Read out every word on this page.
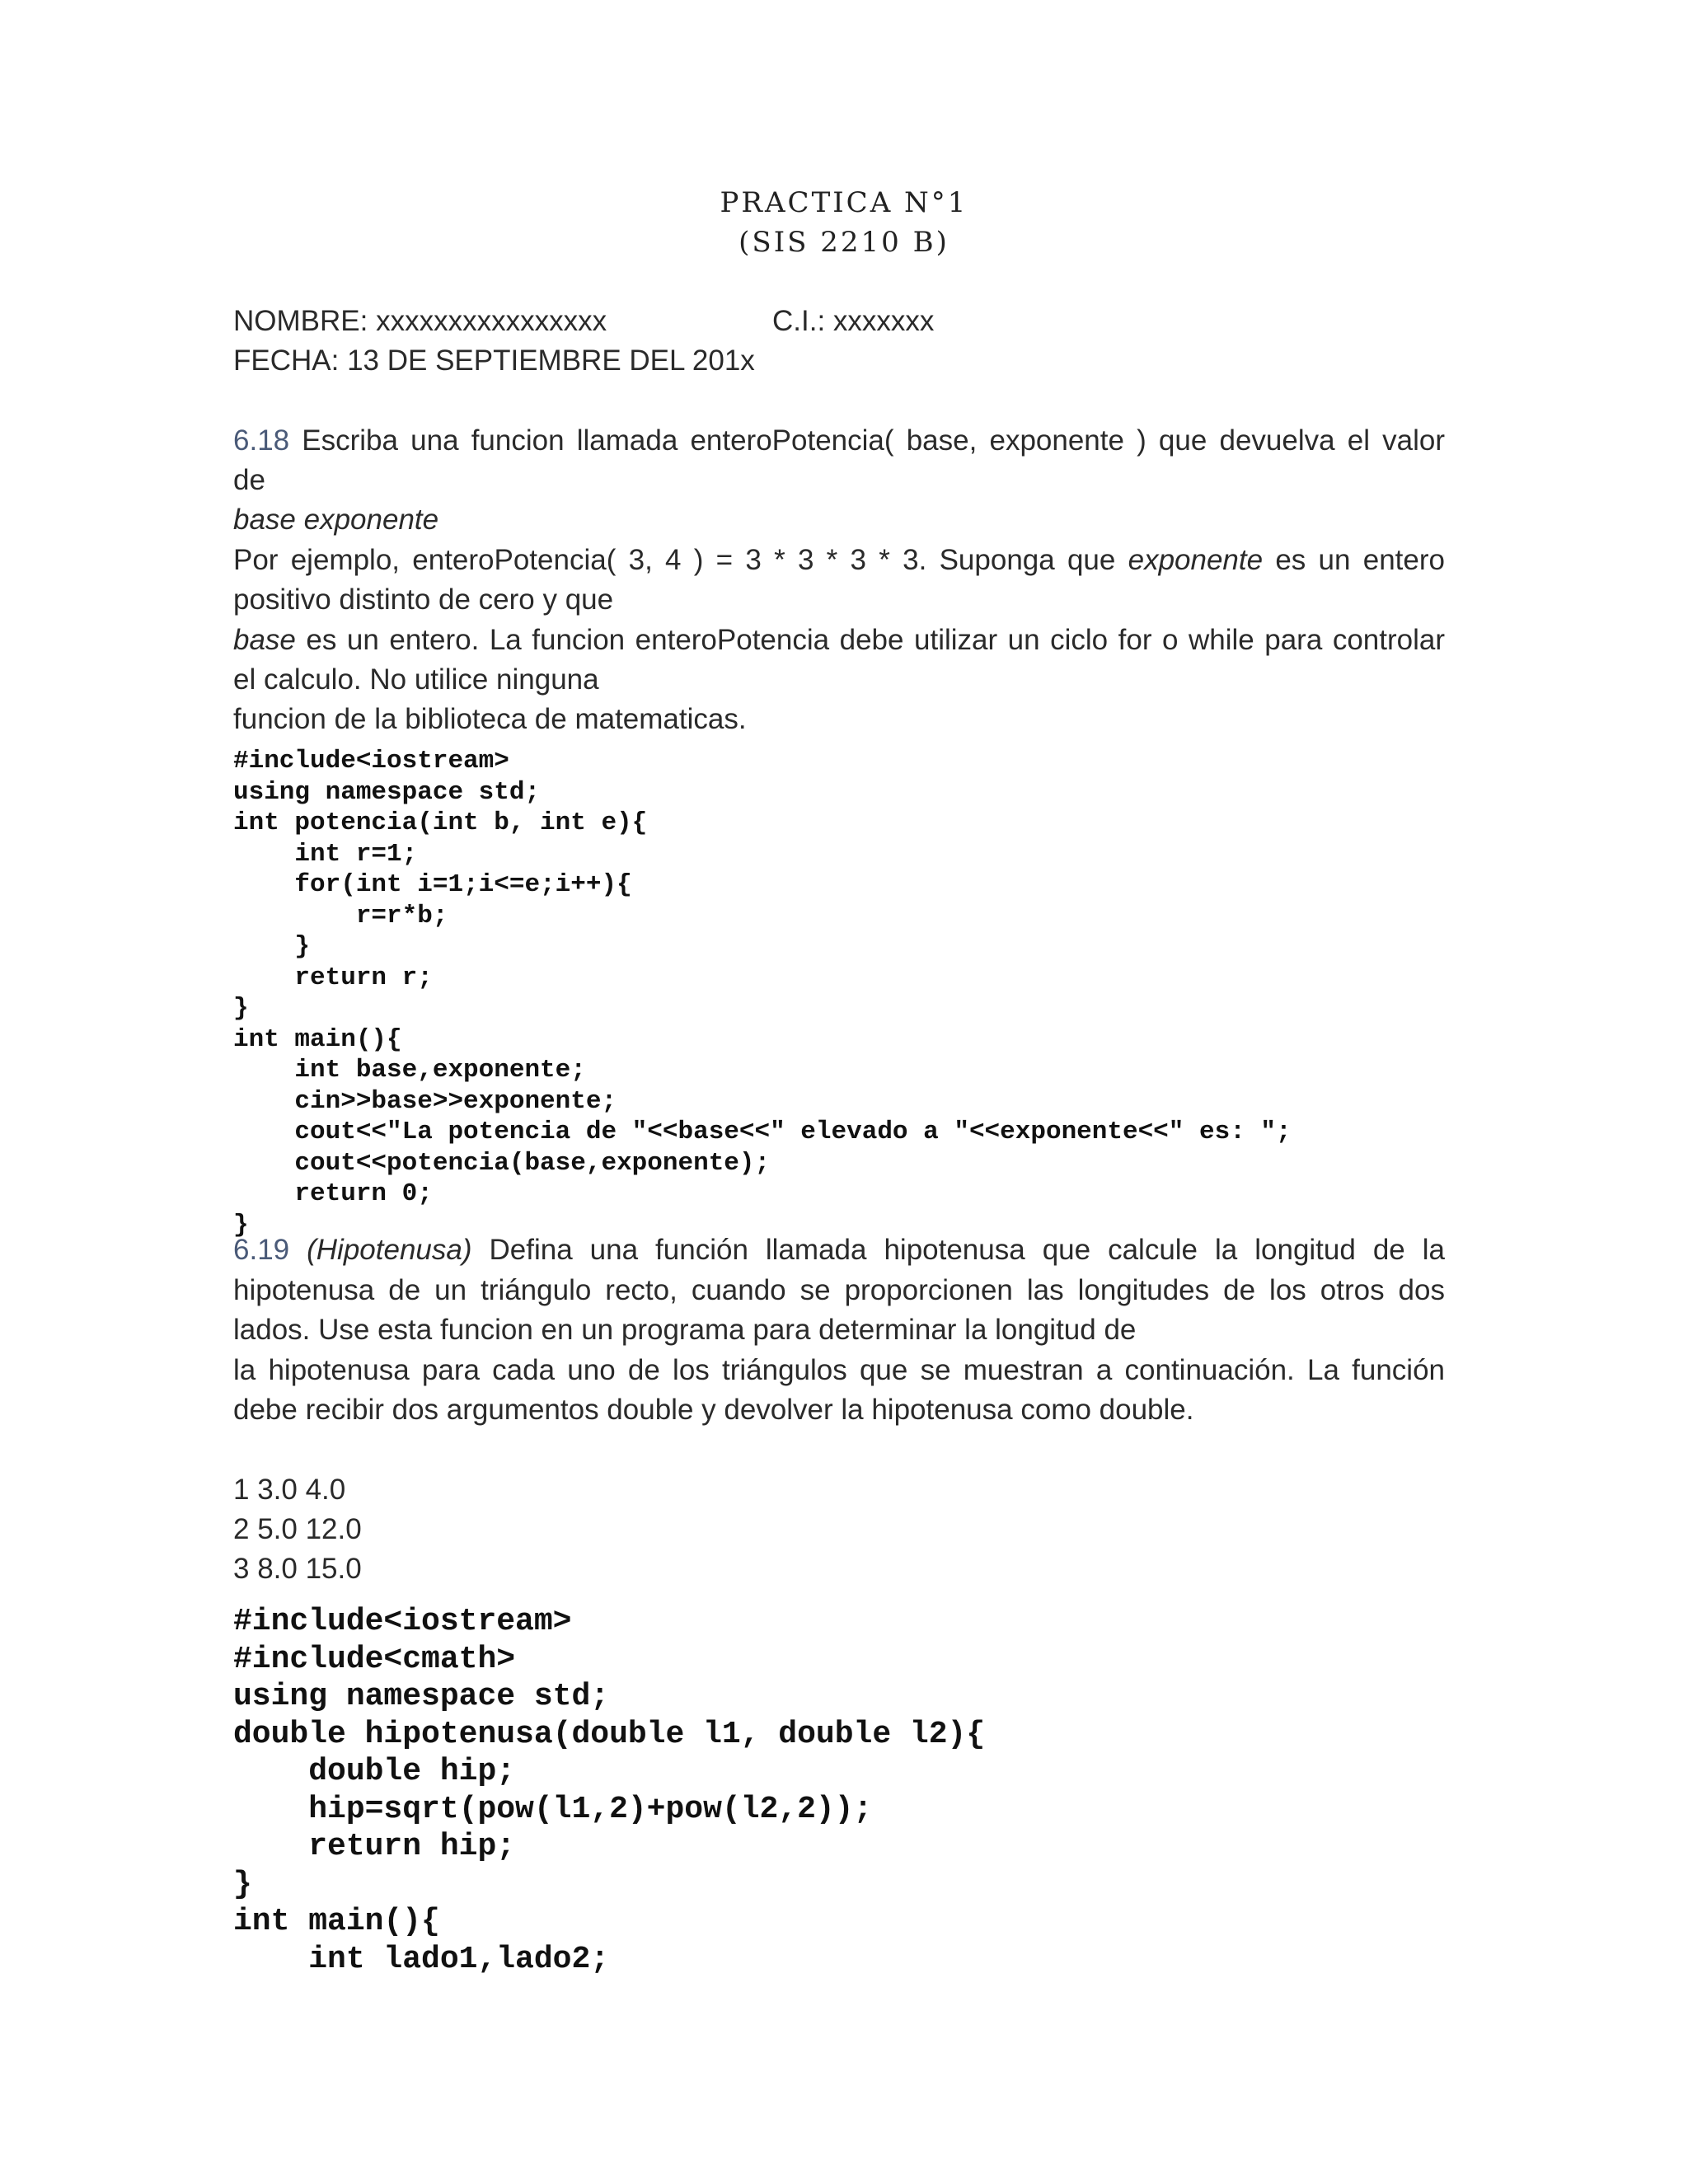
PRACTICA N°1
(SIS 2210 B)
NOMBRE: xxxxxxxxxxxxxxxx	C.I.: xxxxxxx
FECHA: 13 DE SEPTIEMBRE DEL 201x
6.18 Escriba una funcion llamada enteroPotencia( base, exponente ) que devuelva el valor
de
base exponente
Por ejemplo, enteroPotencia( 3, 4 ) = 3 * 3 * 3 * 3. Suponga que exponente es un entero
positivo distinto de cero y que
base es un entero. La funcion enteroPotencia debe utilizar un ciclo for o while para controlar
el calculo. No utilice ninguna
funcion de la biblioteca de matematicas.
#include<iostream>
using namespace std;
int potencia(int b, int e){
int r=1;
for(int i=1;i<=e;i++){
r=r*b;
}
return r;
}
int main(){
int base,exponente;
cin>>base>>exponente;
cout<<"La potencia de "<<base<<" elevado a "<<exponente<<" es: ";
cout<<potencia(base,exponente);
return 0;
}
6.19 (Hipotenusa) Defina una función llamada hipotenusa que calcule la longitud de la
hipotenusa de un triángulo recto, cuando se proporcionen las longitudes de los otros dos
lados. Use esta funcion en un programa para determinar la longitud de
la hipotenusa para cada uno de los triángulos que se muestran a continuación. La función
debe recibir dos argumentos double y devolver la hipotenusa como double.
1 3.0 4.0
2 5.0 12.0
3 8.0 15.0
#include<iostream>
#include<cmath>
using namespace std;
double hipotenusa(double l1, double l2){
double hip;
hip=sqrt(pow(l1,2)+pow(l2,2));
return hip;
}
int main(){
int lado1,lado2;
